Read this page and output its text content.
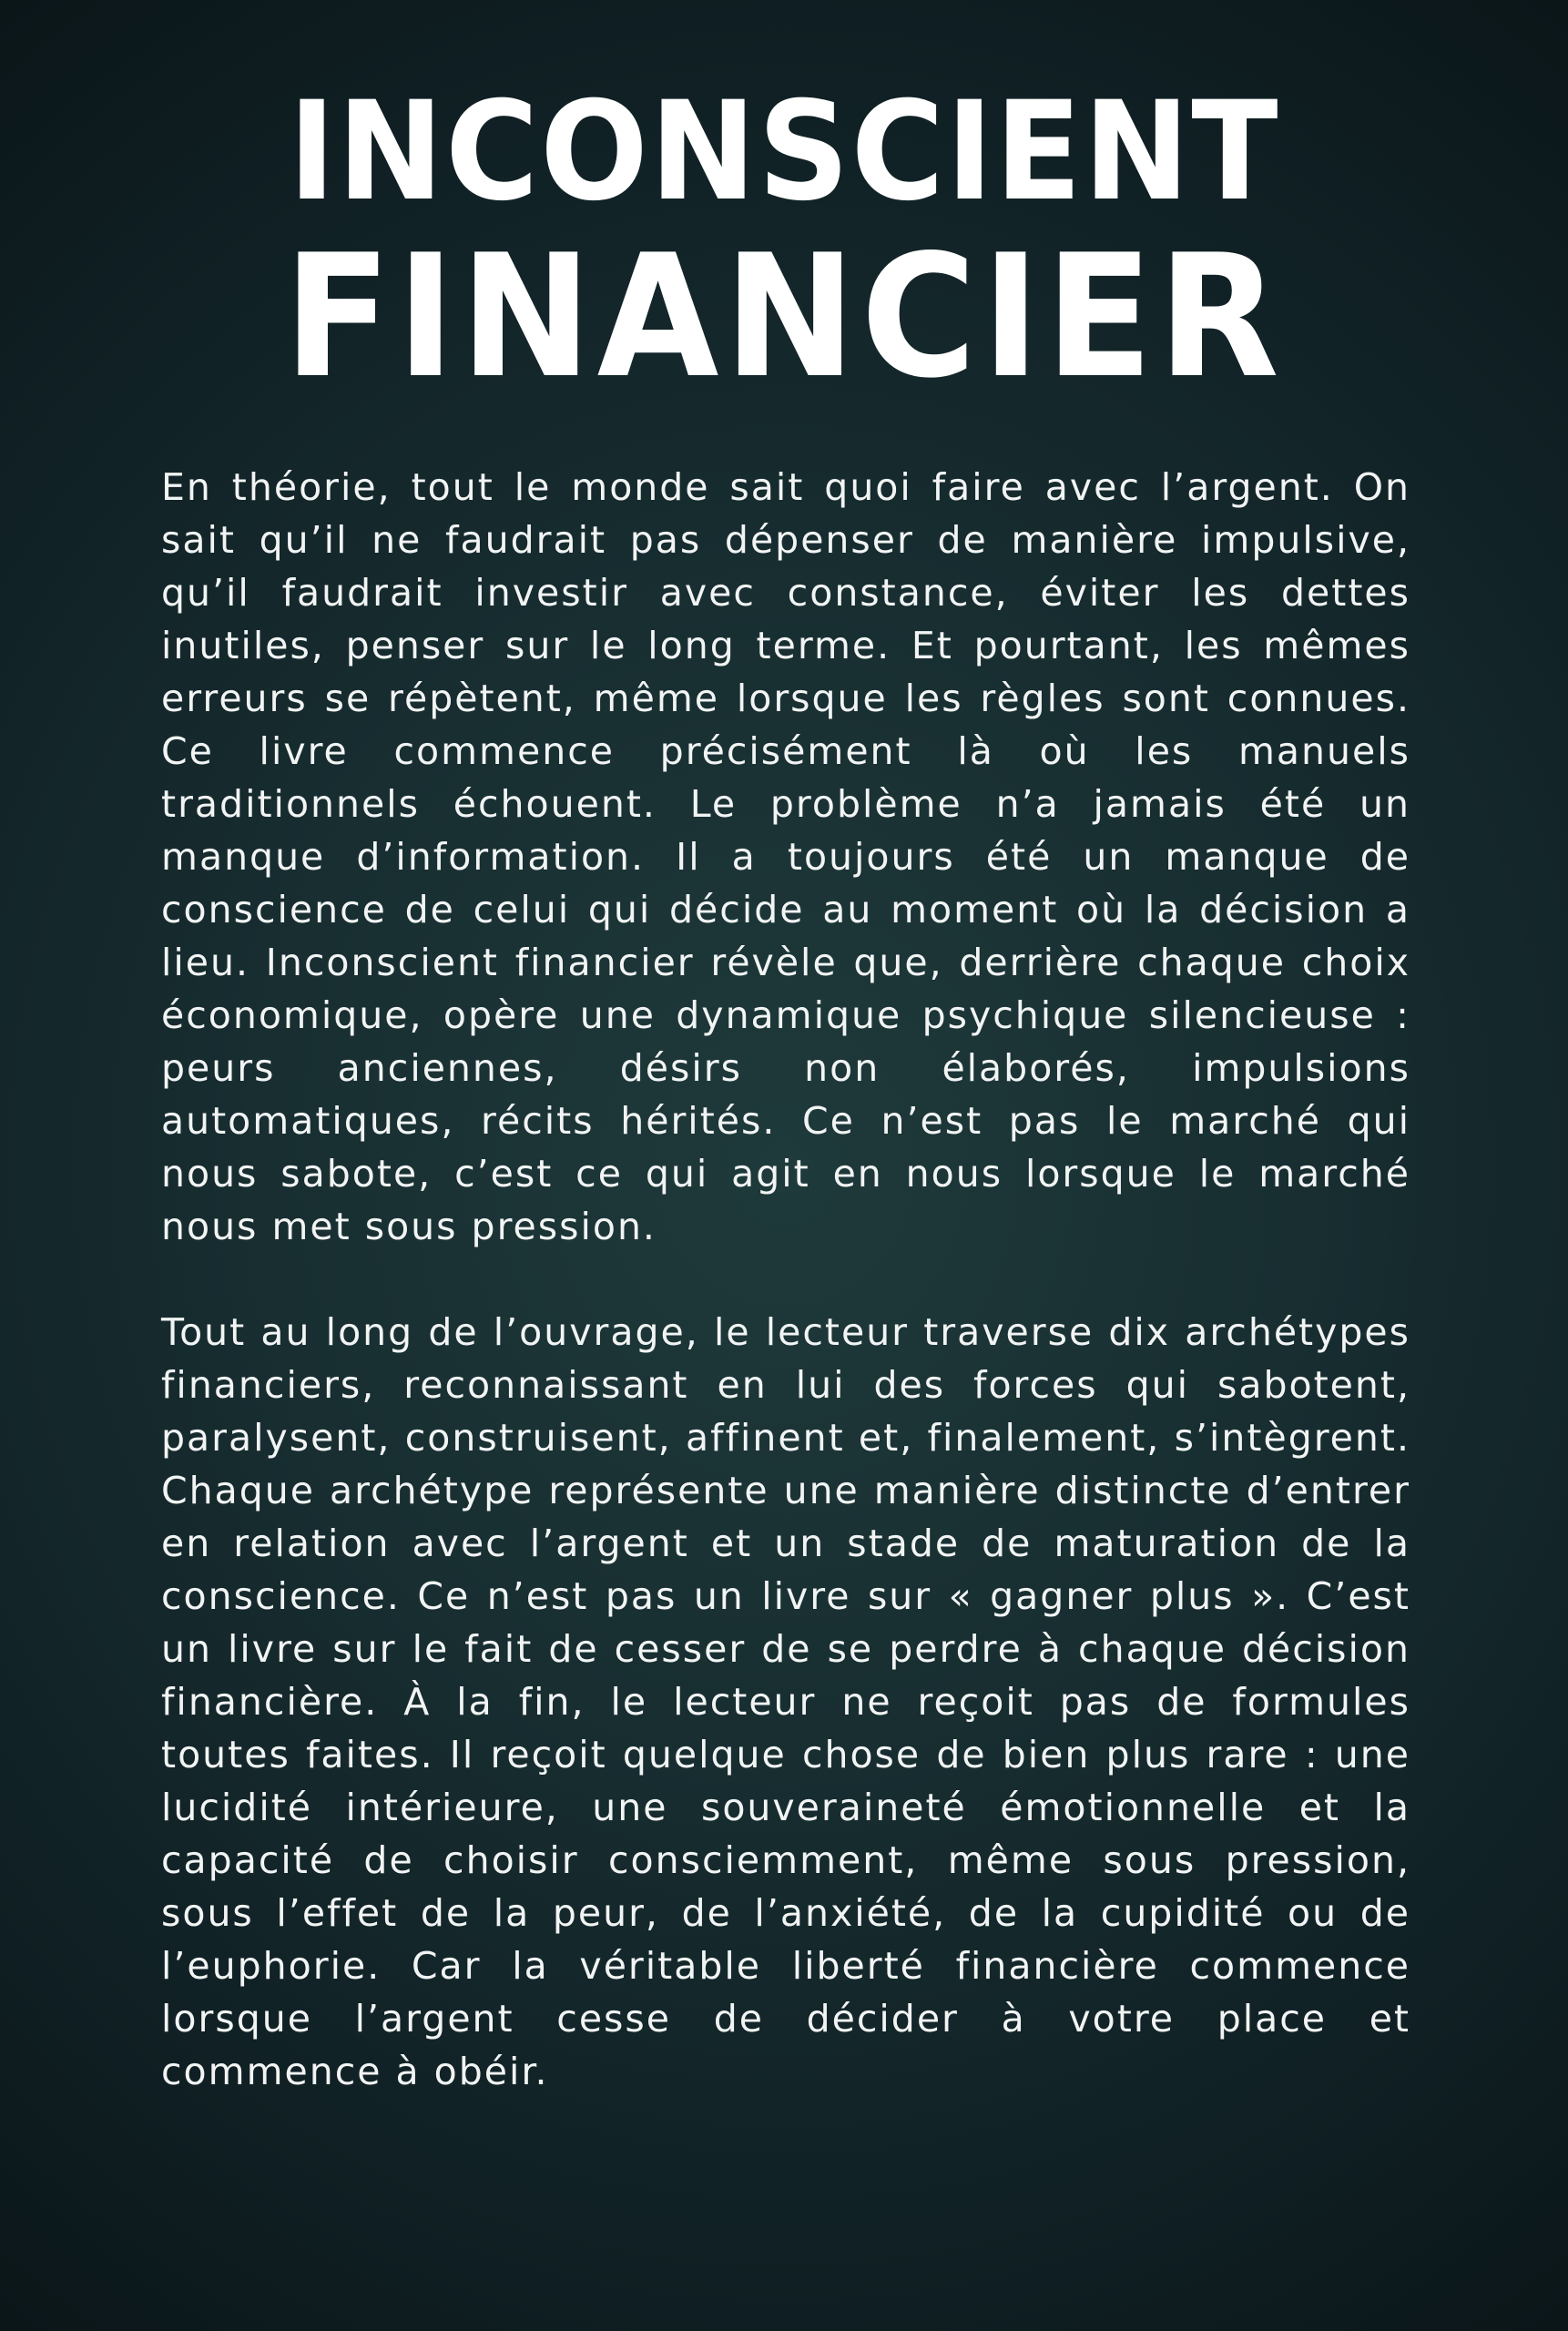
INCONSCIENT
FINANCIER

En théorie, tout le monde sait quoi faire avec l’argent. On sait qu’il ne faudrait pas dépenser de manière impulsive, qu’il faudrait investir avec constance, éviter les dettes inutiles, penser sur le long terme. Et pourtant, les mêmes erreurs se répètent, même lorsque les règles sont connues. Ce livre commence précisément là où les manuels traditionnels échouent. Le problème n’a jamais été un manque d’information. Il a toujours été un manque de conscience de celui qui décide au moment où la décision a lieu. Inconscient financier révèle que, derrière chaque choix économique, opère une dynamique psychique silencieuse : peurs anciennes, désirs non élaborés, impulsions automatiques, récits hérités. Ce n’est pas le marché qui nous sabote, c’est ce qui agit en nous lorsque le marché nous met sous pression.

Tout au long de l’ouvrage, le lecteur traverse dix archétypes financiers, reconnaissant en lui des forces qui sabotent, paralysent, construisent, affinent et, finalement, s’intègrent. Chaque archétype représente une manière distincte d’entrer en relation avec l’argent et un stade de maturation de la conscience. Ce n’est pas un livre sur « gagner plus ». C’est un livre sur le fait de cesser de se perdre à chaque décision financière. À la fin, le lecteur ne reçoit pas de formules toutes faites. Il reçoit quelque chose de bien plus rare : une lucidité intérieure, une souveraineté émotionnelle et la capacité de choisir consciemment, même sous pression, sous l’effet de la peur, de l’anxiété, de la cupidité ou de l’euphorie. Car la véritable liberté financière commence lorsque l’argent cesse de décider à votre place et commence à obéir.
